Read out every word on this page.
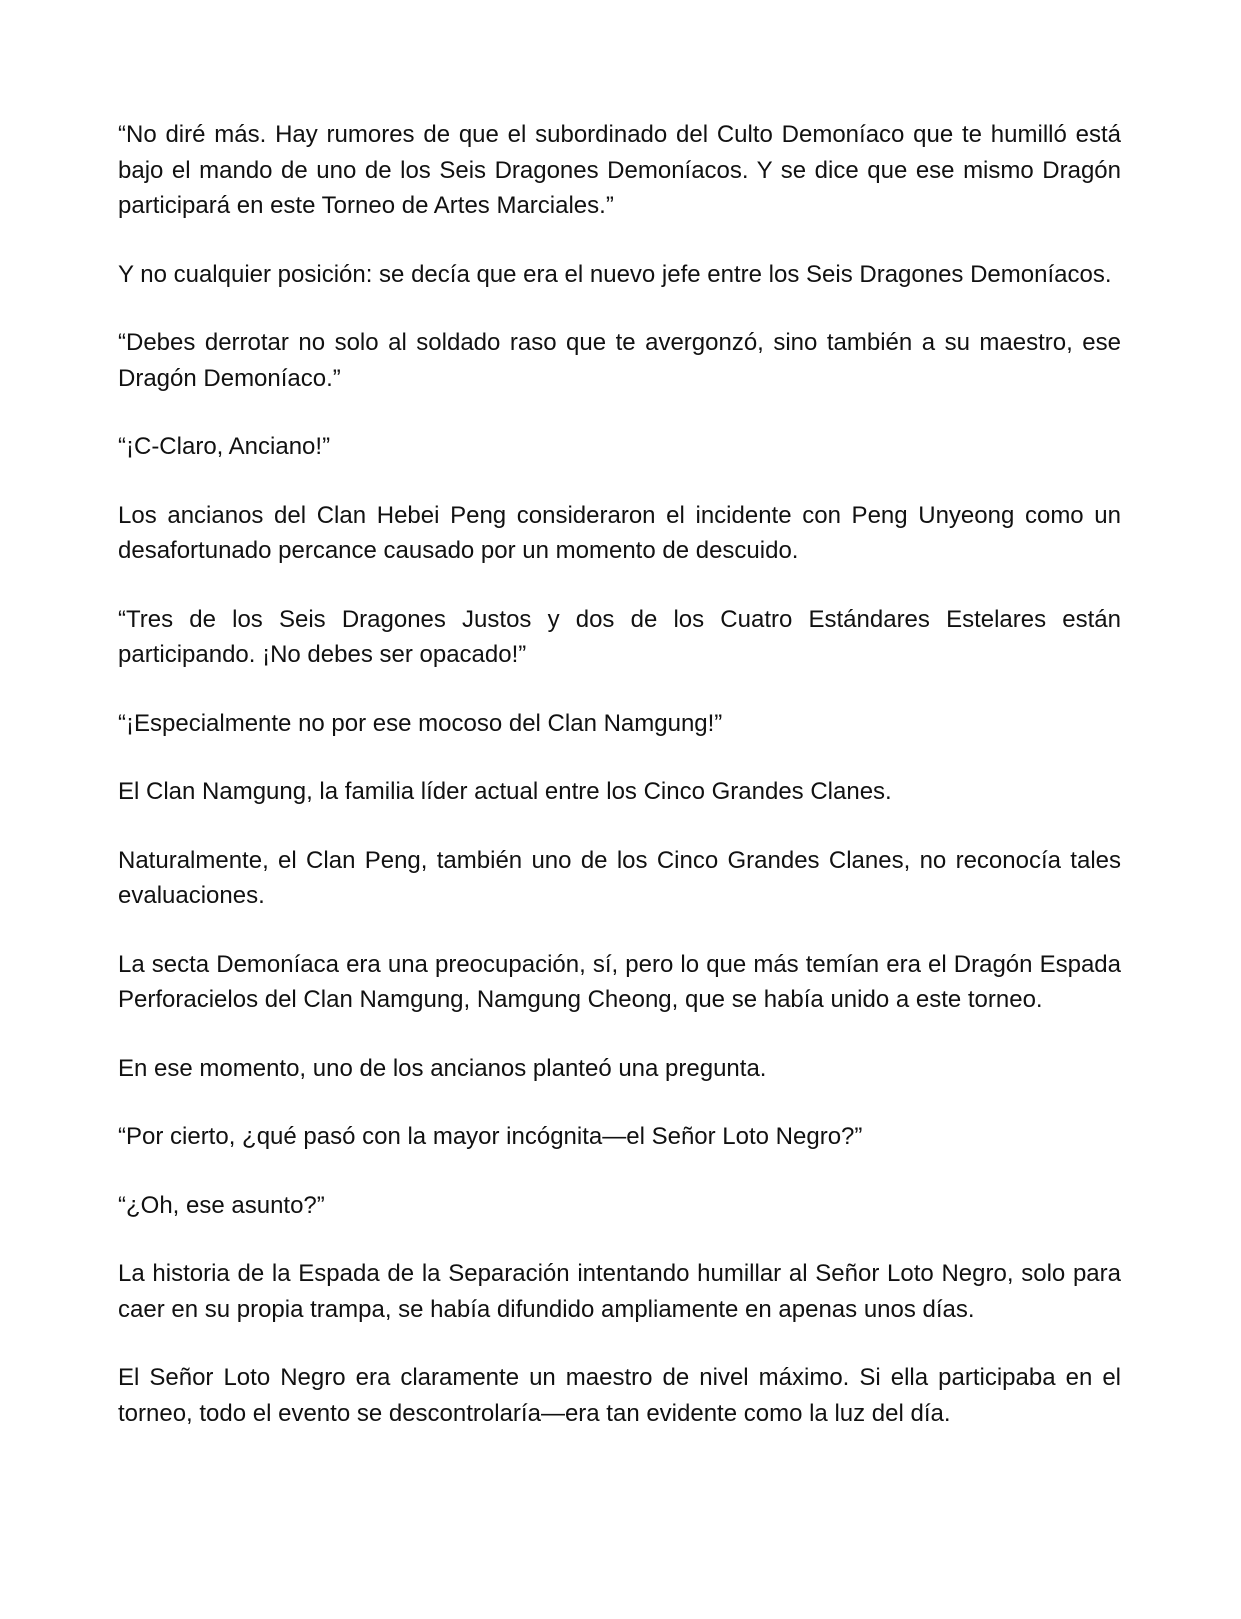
“No diré más. Hay rumores de que el subordinado del Culto Demoníaco que te humilló está bajo el mando de uno de los Seis Dragones Demoníacos. Y se dice que ese mismo Dragón participará en este Torneo de Artes Marciales.”

Y no cualquier posición: se decía que era el nuevo jefe entre los Seis Dragones Demoníacos.

“Debes derrotar no solo al soldado raso que te avergonzó, sino también a su maestro, ese Dragón Demoníaco.”

“¡C-Claro, Anciano!”

Los ancianos del Clan Hebei Peng consideraron el incidente con Peng Unyeong como un desafortunado percance causado por un momento de descuido.

“Tres de los Seis Dragones Justos y dos de los Cuatro Estándares Estelares están participando. ¡No debes ser opacado!”

“¡Especialmente no por ese mocoso del Clan Namgung!”

El Clan Namgung, la familia líder actual entre los Cinco Grandes Clanes.

Naturalmente, el Clan Peng, también uno de los Cinco Grandes Clanes, no reconocía tales evaluaciones.

La secta Demoníaca era una preocupación, sí, pero lo que más temían era el Dragón Espada Perforacielos del Clan Namgung, Namgung Cheong, que se había unido a este torneo.

En ese momento, uno de los ancianos planteó una pregunta.

“Por cierto, ¿qué pasó con la mayor incógnita—el Señor Loto Negro?”

“¿Oh, ese asunto?”

La historia de la Espada de la Separación intentando humillar al Señor Loto Negro, solo para caer en su propia trampa, se había difundido ampliamente en apenas unos días.

El Señor Loto Negro era claramente un maestro de nivel máximo. Si ella participaba en el torneo, todo el evento se descontrolaría—era tan evidente como la luz del día.
